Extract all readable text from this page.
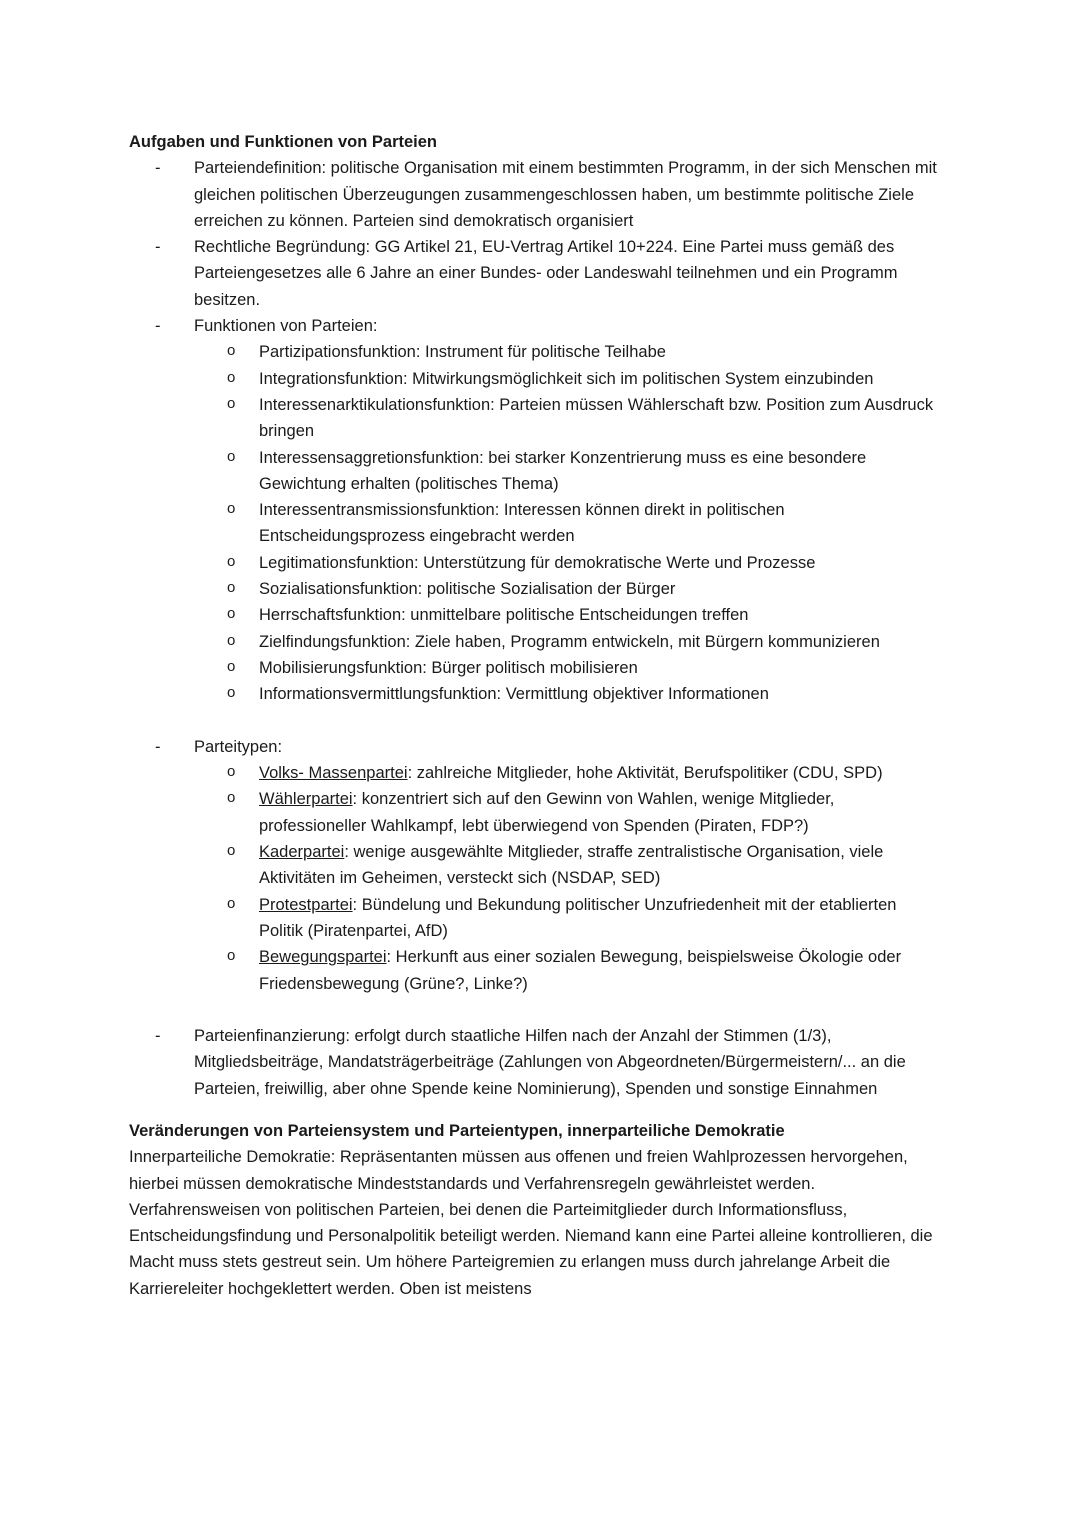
Aufgaben und Funktionen von Parteien
- Parteiendefinition: politische Organisation mit einem bestimmten Programm, in der sich Menschen mit gleichen politischen Überzeugungen zusammengeschlossen haben, um bestimmte politische Ziele erreichen zu können. Parteien sind demokratisch organisiert
- Rechtliche Begründung: GG Artikel 21, EU-Vertrag Artikel 10+224. Eine Partei muss gemäß des Parteiengesetzes alle 6 Jahre an einer Bundes- oder Landeswahl teilnehmen und ein Programm besitzen.
- Funktionen von Parteien:
o Partizipationsfunktion: Instrument für politische Teilhabe
o Integrationsfunktion: Mitwirkungsmöglichkeit sich im politischen System einzubinden
o Interessenarktikulationsfunktion: Parteien müssen Wählerschaft bzw. Position zum Ausdruck bringen
o Interessensaggretionsfunktion: bei starker Konzentrierung muss es eine besondere Gewichtung erhalten (politisches Thema)
o Interessentransmissionsfunktion: Interessen können direkt in politischen Entscheidungsprozess eingebracht werden
o Legitimationsfunktion: Unterstützung für demokratische Werte und Prozesse
o Sozialisationsfunktion: politische Sozialisation der Bürger
o Herrschaftsfunktion: unmittelbare politische Entscheidungen treffen
o Zielfindungsfunktion: Ziele haben, Programm entwickeln, mit Bürgern kommunizieren
o Mobilisierungsfunktion: Bürger politisch mobilisieren
o Informationsvermittlungsfunktion: Vermittlung objektiver Informationen
- Parteitypen:
o Volks- Massenpartei: zahlreiche Mitglieder, hohe Aktivität, Berufspolitiker (CDU, SPD)
o Wählerpartei: konzentriert sich auf den Gewinn von Wahlen, wenige Mitglieder, professioneller Wahlkampf, lebt überwiegend von Spenden (Piraten, FDP?)
o Kaderpartei: wenige ausgewählte Mitglieder, straffe zentralistische Organisation, viele Aktivitäten im Geheimen, versteckt sich (NSDAP, SED)
o Protestpartei: Bündelung und Bekundung politischer Unzufriedenheit mit der etablierten Politik (Piratenpartei, AfD)
o Bewegungspartei: Herkunft aus einer sozialen Bewegung, beispielsweise Ökologie oder Friedensbewegung (Grüne?, Linke?)
- Parteienfinanzierung: erfolgt durch staatliche Hilfen nach der Anzahl der Stimmen (1/3), Mitgliedsbeiträge, Mandatsträgerbeiträge (Zahlungen von Abgeordneten/Bürgermeistern/... an die Parteien, freiwillig, aber ohne Spende keine Nominierung), Spenden und sonstige Einnahmen
Veränderungen von Parteiensystem und Parteientypen, innerparteiliche Demokratie

Innerparteiliche Demokratie: Repräsentanten müssen aus offenen und freien Wahlprozessen hervorgehen, hierbei müssen demokratische Mindeststandards und Verfahrensregeln gewährleistet werden. Verfahrensweisen von politischen Parteien, bei denen die Parteimitglieder durch Informationsfluss, Entscheidungsfindung und Personalpolitik beteiligt werden. Niemand kann eine Partei alleine kontrollieren, die Macht muss stets gestreut sein. Um höhere Parteigremien zu erlangen muss durch jahrelange Arbeit die Karriereleiter hochgeklettert werden. Oben ist meistens
